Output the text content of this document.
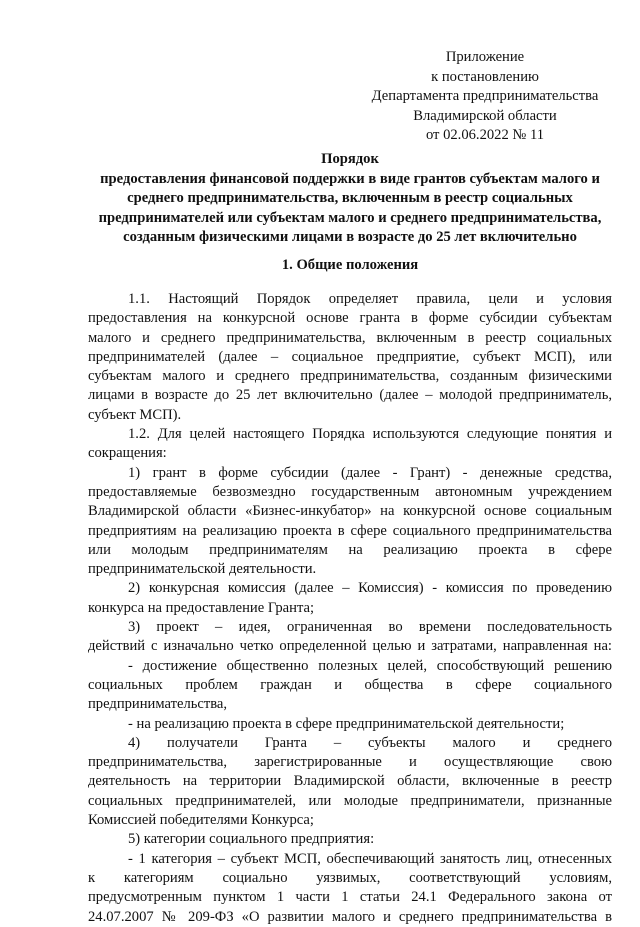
Приложение
к постановлению
Департамента предпринимательства
Владимирской области
от 02.06.2022 № 11
Порядок
предоставления финансовой поддержки в виде грантов субъектам малого и
среднего предпринимательства, включенным в реестр социальных
предпринимателей или субъектам малого и среднего предпринимательства,
созданным физическими лицами в возрасте до 25 лет включительно
1. Общие положения
1.1. Настоящий Порядок определяет правила, цели и условия
предоставления на конкурсной основе гранта в форме субсидии субъектам
малого и среднего предпринимательства, включенным в реестр социальных
предпринимателей (далее – социальное предприятие, субъект МСП), или
субъектам малого и среднего предпринимательства, созданным физическими
лицами в возрасте до 25 лет включительно (далее – молодой предприниматель,
субъект МСП).
1.2. Для целей настоящего Порядка используются следующие понятия и
сокращения:
1) грант в форме субсидии (далее - Грант) - денежные средства,
предоставляемые безвозмездно государственным автономным учреждением
Владимирской области «Бизнес-инкубатор» на конкурсной основе социальным
предприятиям на реализацию проекта в сфере социального предпринимательства
или молодым предпринимателям на реализацию проекта в сфере
предпринимательской деятельности.
2) конкурсная комиссия (далее – Комиссия) - комиссия по проведению
конкурса на предоставление Гранта;
3) проект – идея, ограниченная во времени последовательность
действий с изначально четко определенной целью и затратами, направленная на:
- достижение общественно полезных целей, способствующий решению
социальных проблем граждан и общества в сфере социального
предпринимательства,
- на реализацию проекта в сфере предпринимательской деятельности;
4) получатели Гранта – субъекты малого и среднего
предпринимательства, зарегистрированные и осуществляющие свою
деятельность на территории Владимирской области, включенные в реестр
социальных предпринимателей, или молодые предприниматели, признанные
Комиссией победителями Конкурса;
5) категории социального предприятия:
- 1 категория – субъект МСП, обеспечивающий занятость лиц, отнесенных
к категориям социально уязвимых, соответствующий условиям,
предусмотренным пунктом 1 части 1 статьи 24.1 Федерального закона от
24.07.2007 № 209-ФЗ «О развитии малого и среднего предпринимательства в
